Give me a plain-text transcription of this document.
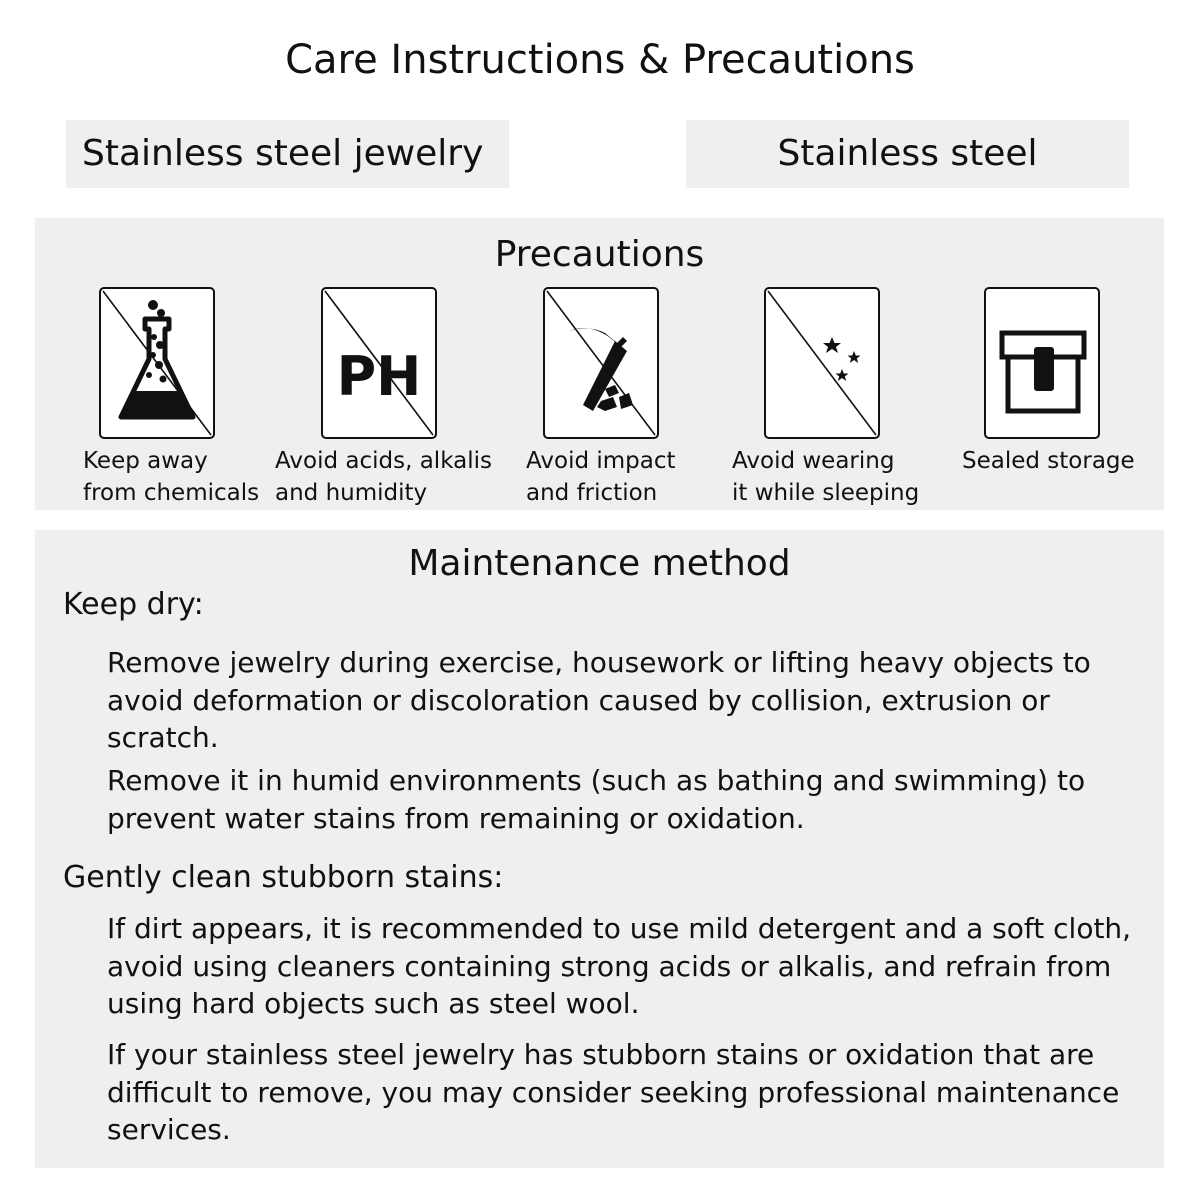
Care Instructions & Precautions
Stainless steel jewelry	Stainless steel
Precautions
Keep away
from chemicals
PH
Avoid acids, alkalis
and humidity
Avoid impact
and friction
Avoid wearing
it while sleeping
Sealed storage
Maintenance method
Keep dry:
Remove jewelry during exercise, housework or lifting heavy objects to avoid deformation or discoloration caused by collision, extrusion or scratch.
Remove it in humid environments (such as bathing and swimming) to prevent water stains from remaining or oxidation.
Gently clean stubborn stains:
If dirt appears, it is recommended to use mild detergent and a soft cloth, avoid using cleaners containing strong acids or alkalis, and refrain from using hard objects such as steel wool.
If your stainless steel jewelry has stubborn stains or oxidation that are difficult to remove, you may consider seeking professional maintenance services.
